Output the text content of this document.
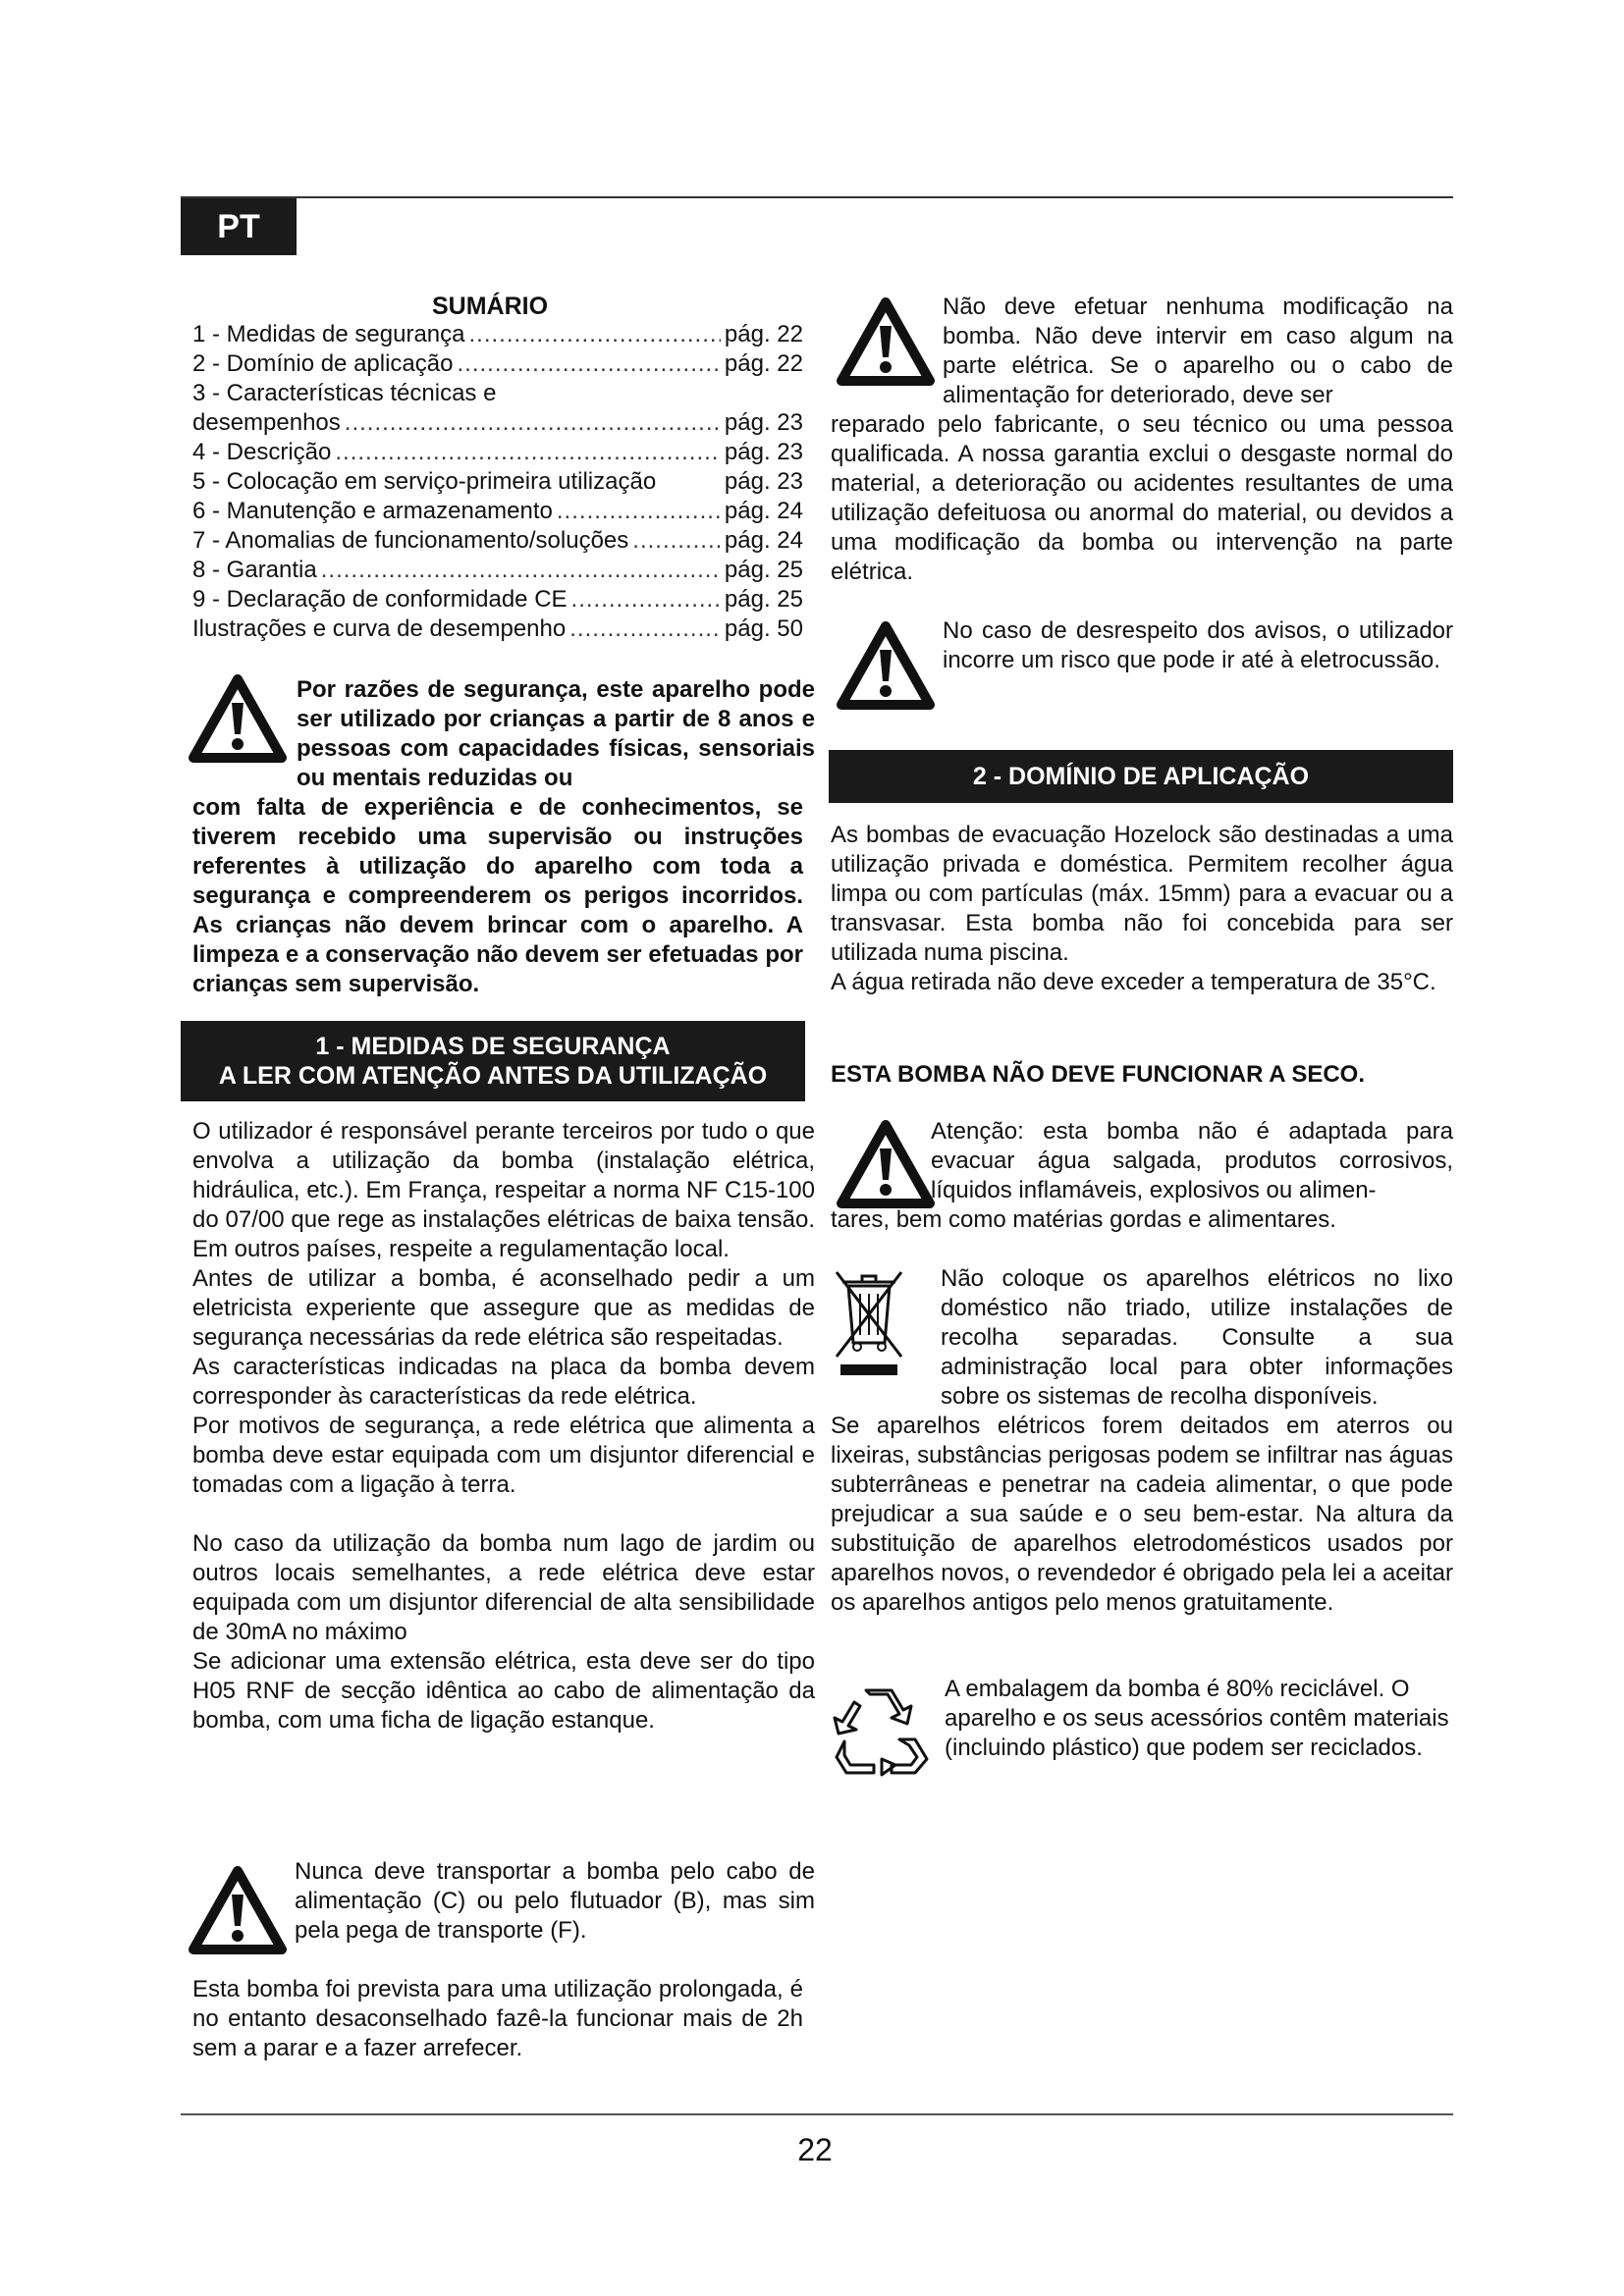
PT
SUMÁRIO
1 - Medidas de segurança .....	pág. 22
2 - Domínio de aplicação .....	pág. 22
3 - Características técnicas e
desempenhos .....	pág. 23
4 - Descrição .....	pág. 23
5 - Colocação em serviço-primeira utilização	pág. 23
6 - Manutenção e armazenamento .....	pág. 24
7 - Anomalias de funcionamento/soluções .....	pág. 24
8 - Garantia .....	pág. 25
9 - Declaração de conformidade CE .....	pág. 25
Ilustrações e curva de desempenho .....	pág. 50
Por razões de segurança, este aparelho pode ser utilizado por crianças a partir de 8 anos e pessoas com capacidades físicas, sensoriais ou mentais reduzidas ou
com falta de experiência e de conhecimentos, se tiverem recebido uma supervisão ou instruções referentes à utilização do aparelho com toda a segurança e compreenderem os perigos incorridos. As crianças não devem brincar com o aparelho. A limpeza e a conservação não devem ser efetuadas por crianças sem supervisão.
1 - MEDIDAS DE SEGURANÇA
A LER COM ATENÇÃO ANTES DA UTILIZAÇÃO

O utilizador é responsável perante terceiros por tudo o que envolva a utilização da bomba (instalação elétrica, hidráulica, etc.). Em França, respeitar a norma NF C15-100 do 07/00 que rege as instalações elétricas de baixa tensão. Em outros países, respeite a regulamentação local.

Antes de utilizar a bomba, é aconselhado pedir a um eletricista experiente que assegure que as medidas de segurança necessárias da rede elétrica são respeitadas.

As características indicadas na placa da bomba devem corresponder às características da rede elétrica.

Por motivos de segurança, a rede elétrica que alimenta a bomba deve estar equipada com um disjuntor diferencial e tomadas com a ligação à terra.

No caso da utilização da bomba num lago de jardim ou outros locais semelhantes, a rede elétrica deve estar equipada com um disjuntor diferencial de alta sensibilidade de 30mA no máximo

Se adicionar uma extensão elétrica, esta deve ser do tipo H05 RNF de secção idêntica ao cabo de alimentação da bomba, com uma ficha de ligação estanque.

Nunca deve transportar a bomba pelo cabo de alimentação (C) ou pelo flutuador (B), mas sim pela pega de transporte (F).
Esta bomba foi prevista para uma utilização prolongada, é no entanto desaconselhado fazê-la funcionar mais de 2h sem a parar e a fazer arrefecer.
Não deve efetuar nenhuma modificação na bomba. Não deve intervir em caso algum na parte elétrica. Se o aparelho ou o cabo de alimentação for deteriorado, deve ser
reparado pelo fabricante, o seu técnico ou uma pessoa qualificada. A nossa garantia exclui o desgaste normal do material, a deterioração ou acidentes resultantes de uma utilização defeituosa ou anormal do material, ou devidos a uma modificação da bomba ou intervenção na parte elétrica.
No caso de desrespeito dos avisos, o utilizador incorre um risco que pode ir até à eletrocussão.
2 - DOMÍNIO DE APLICAÇÃO

As bombas de evacuação Hozelock são destinadas a uma utilização privada e doméstica. Permitem recolher água limpa ou com partículas (máx. 15mm) para a evacuar ou a transvasar. Esta bomba não foi concebida para ser utilizada numa piscina.

A água retirada não deve exceder a temperatura de 35°C.

ESTA BOMBA NÃO DEVE FUNCIONAR A SECO.
Atenção: esta bomba não é adaptada para evacuar água salgada, produtos corrosivos, líquidos inflamáveis, explosivos ou alimen-
tares, bem como matérias gordas e alimentares.
Não coloque os aparelhos elétricos no lixo doméstico não triado, utilize instalações de recolha separadas. Consulte a sua administração local para obter informações sobre os sistemas de recolha disponíveis.
Se aparelhos elétricos forem deitados em aterros ou lixeiras, substâncias perigosas podem se infiltrar nas águas subterrâneas e penetrar na cadeia alimentar, o que pode prejudicar a sua saúde e o seu bem-estar. Na altura da substituição de aparelhos eletrodomésticos usados por aparelhos novos, o revendedor é obrigado pela lei a aceitar os aparelhos antigos pelo menos gratuitamente.
A embalagem da bomba é 80% reciclável. O aparelho e os seus acessórios contêm materiais (incluindo plástico) que podem ser reciclados.
22
